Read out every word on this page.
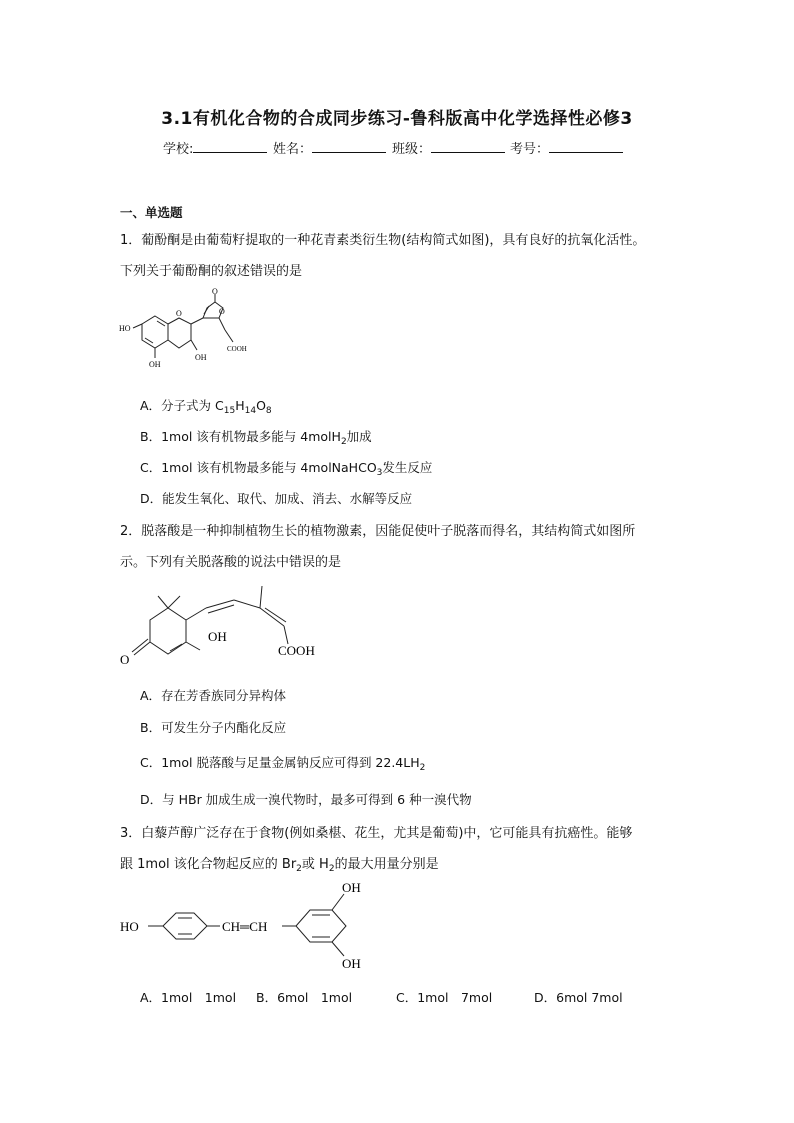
3.1有机化合物的合成同步练习-鲁科版高中化学选择性必修3
学校:	姓名：	班级：	考号：
一、单选题
1．葡酚酮是由葡萄籽提取的一种花青素类衍生物(结构简式如图)，具有良好的抗氧化活性。
下列关于葡酚酮的叙述错误的是
HO
OH
OH
O	O
O
COOH
A．分子式为 $C_{15}H_{14}O_8$
B．1mol 该有机物最多能与 4molH$_2$加成
C．1mol 该有机物最多能与 4molNaHCO$_3$发生反应
D．能发生氧化、取代、加成、消去、水解等反应
2．脱落酸是一种抑制植物生长的植物激素，因能促使叶子脱落而得名，其结构简式如图所
示。下列有关脱落酸的说法中错误的是
OH
O
COOH
A．存在芳香族同分异构体
B．可发生分子内酯化反应
C．1mol 脱落酸与足量金属钠反应可得到 $22.4LH_2$
D．与 HBr 加成生成一溴代物时，最多可得到 6 种一溴代物
3．白藜芦醇广泛存在于食物(例如桑椹、花生，尤其是葡萄)中，它可能具有抗癌性。能够
跟 1mol 该化合物起反应的 $Br_2$或 $H_2$的最大用量分别是
HO	CH═CH
OH
OH
A．1mol　1mol B．6mol　1mol	C．1mol　7mol	D．6mol 7mol
